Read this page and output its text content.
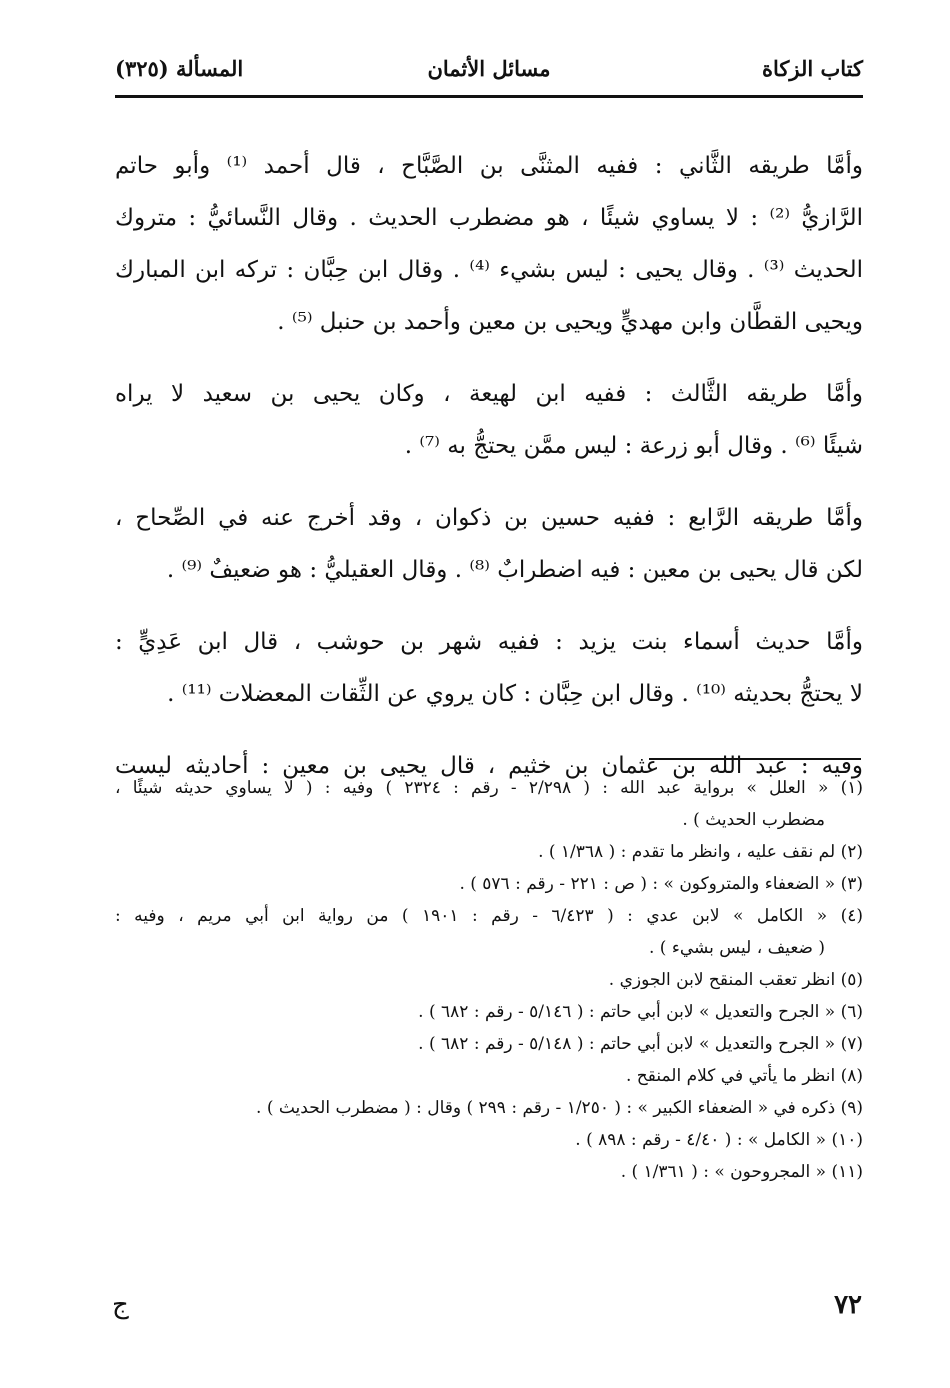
كتاب الزكاة
مسائل الأثمان
المسألة (٣٢٥)
وأمَّا طريقه الثَّاني : ففيه المثنَّى بن الصَّبَّاح ، قال أحمد ⁽¹⁾ وأبو حاتم
الرَّازيُّ ⁽²⁾ : لا يساوي شيئًا ، هو مضطرب الحديث . وقال النَّسائيُّ : متروك
الحديث ⁽³⁾ . وقال يحيى : ليس بشيء ⁽⁴⁾ . وقال ابن حِبَّان : تركه ابن المبارك
ويحيى القطَّان وابن مهديٍّ ويحيى بن معين وأحمد بن حنبل ⁽⁵⁾ .
وأمَّا طريقه الثَّالث : ففيه ابن لهيعة ، وكان يحيى بن سعيد لا يراه
شيئًا ⁽⁶⁾ . وقال أبو زرعة : ليس ممَّن يحتجُّ به ⁽⁷⁾ .
وأمَّا طريقه الرَّابع : ففيه حسين بن ذكوان ، وقد أخرج عنه في الصِّحاح ،
لكن قال يحيى بن معين : فيه اضطرابٌ ⁽⁸⁾ . وقال العقيليُّ : هو ضعيفٌ ⁽⁹⁾ .
وأمَّا حديث أسماء بنت يزيد : ففيه شهر بن حوشب ، قال ابن عَدِيٍّ :
لا يحتجُّ بحديثه ⁽¹⁰⁾ . وقال ابن حِبَّان : كان يروي عن الثِّقات المعضلات ⁽¹¹⁾ .
وفيه : عبد الله بن عثمان بن خثيم ، قال يحيى بن معين : أحاديثه ليست
(١) « العلل » برواية عبد الله : ( ٢/٢٩٨ - رقم : ٢٣٢٤ ) وفيه : ( لا يساوي حديثه شيئًا ،
مضطرب الحديث ) .
(٢) لم نقف عليه ، وانظر ما تقدم : ( ١/٣٦٨ ) .
(٣) « الضعفاء والمتروكون » : ( ص : ٢٢١ - رقم : ٥٧٦ ) .
(٤) « الكامل » لابن عدي : ( ٦/٤٢٣ - رقم : ١٩٠١ ) من رواية ابن أبي مريم ، وفيه :
( ضعيف ، ليس بشيء ) .
(٥) انظر تعقب المنقح لابن الجوزي .
(٦) « الجرح والتعديل » لابن أبي حاتم : ( ٥/١٤٦ - رقم : ٦٨٢ ) .
(٧) « الجرح والتعديل » لابن أبي حاتم : ( ٥/١٤٨ - رقم : ٦٨٢ ) .
(٨) انظر ما يأتي في كلام المنقح .
(٩) ذكره في « الضعفاء الكبير » : ( ١/٢٥٠ - رقم : ٢٩٩ ) وقال : ( مضطرب الحديث ) .
(١٠) « الكامل » : ( ٤/٤٠ - رقم : ٨٩٨ ) .
(١١) « المجروحون » : ( ١/٣٦١ ) .
٧٢
ج
